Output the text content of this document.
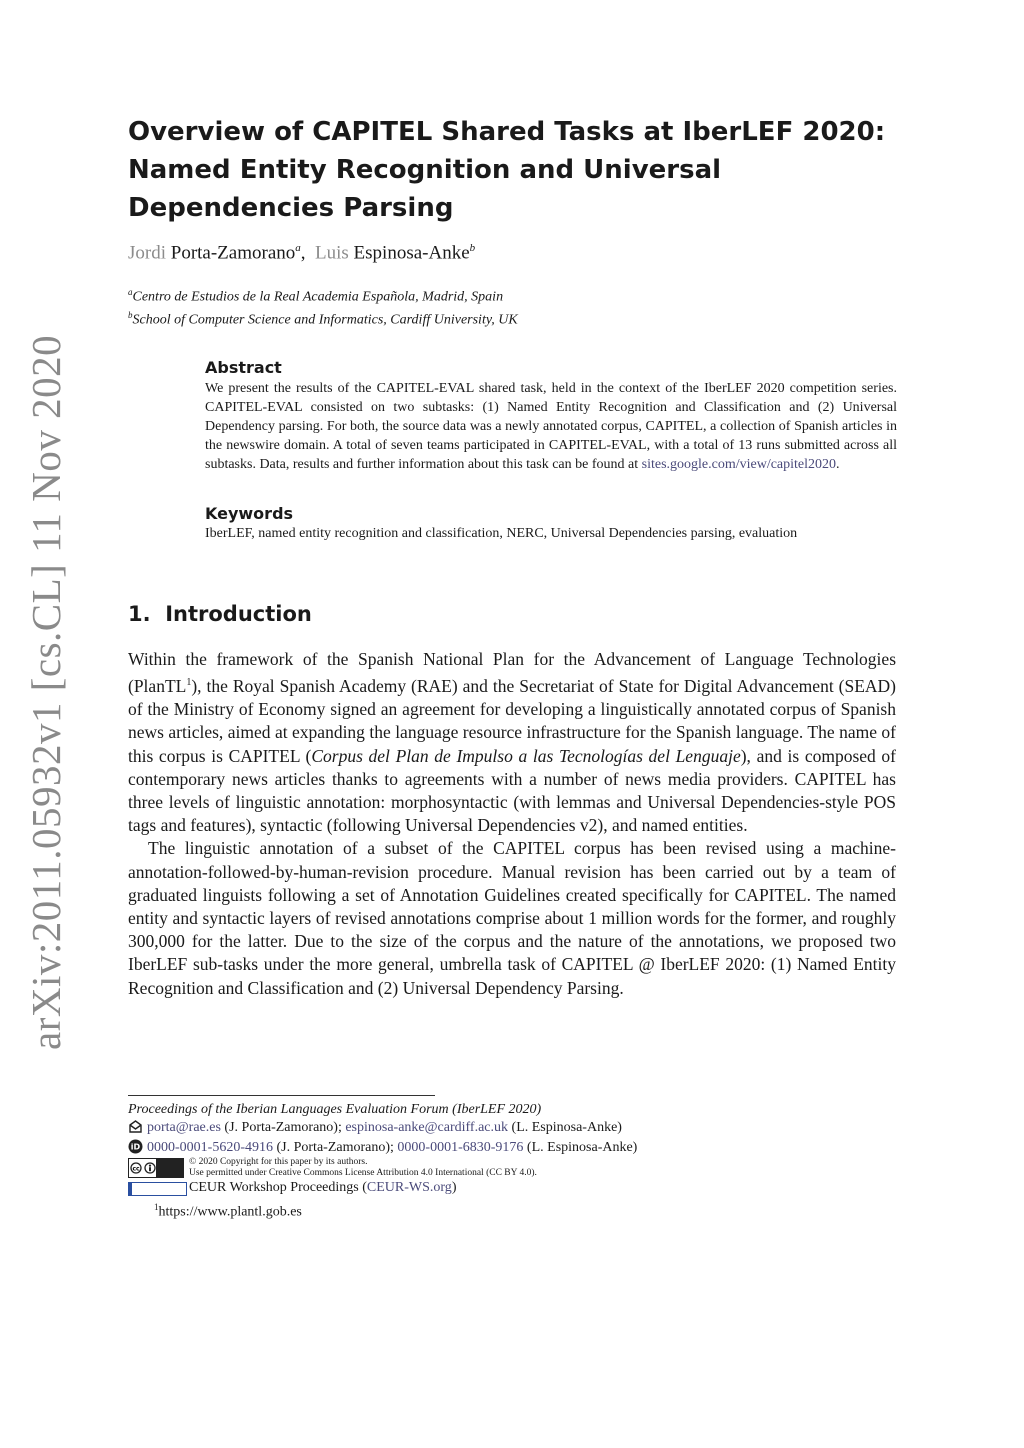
arXiv:2011.05932v1 [cs.CL] 11 Nov 2020
Overview of CAPITEL Shared Tasks at IberLEF 2020: Named Entity Recognition and Universal Dependencies Parsing
Jordi Porta-Zamorano$^a$,  Luis Espinosa-Anke$^b$
$^a$Centro de Estudios de la Real Academia Española, Madrid, Spain
$^b$School of Computer Science and Informatics, Cardiff University, UK
Abstract
We present the results of the CAPITEL-EVAL shared task, held in the context of the IberLEF 2020 competition series. CAPITEL-EVAL consisted on two subtasks: (1) Named Entity Recognition and Classification and (2) Universal Dependency parsing. For both, the source data was a newly annotated corpus, CAPITEL, a collection of Spanish articles in the newswire domain. A total of seven teams participated in CAPITEL-EVAL, with a total of 13 runs submitted across all subtasks. Data, results and further information about this task can be found at sites.google.com/view/capitel2020.
Keywords
IberLEF, named entity recognition and classification, NERC, Universal Dependencies parsing, evaluation
1. Introduction

Within the framework of the Spanish National Plan for the Advancement of Language Technologies (PlanTL$^1$), the Royal Spanish Academy (RAE) and the Secretariat of State for Digital Advancement (SEAD) of the Ministry of Economy signed an agreement for developing a linguistically annotated corpus of Spanish news articles, aimed at expanding the language resource infrastructure for the Spanish language. The name of this corpus is CAPITEL (Corpus del Plan de Impulso a las Tecnologías del Lenguaje), and is composed of contemporary news articles thanks to agreements with a number of news media providers. CAPITEL has three levels of linguistic annotation: morphosyntactic (with lemmas and Universal Dependencies-style POS tags and features), syntactic (following Universal Dependencies v2), and named entities.

The linguistic annotation of a subset of the CAPITEL corpus has been revised using a machine-annotation-followed-by-human-revision procedure. Manual revision has been carried out by a team of graduated linguists following a set of Annotation Guidelines created specifically for CAPITEL. The named entity and syntactic layers of revised annotations comprise about 1 million words for the former, and roughly 300,000 for the latter. Due to the size of the corpus and the nature of the annotations, we proposed two IberLEF sub-tasks under the more general, umbrella task of CAPITEL @ IberLEF 2020: (1) Named Entity Recognition and Classification and (2) Universal Dependency Parsing.

Proceedings of the Iberian Languages Evaluation Forum (IberLEF 2020)
porta@rae.es (J. Porta-Zamorano); espinosa-anke@cardiff.ac.uk (L. Espinosa-Anke)
iD 0000-0001-5620-4916 (J. Porta-Zamorano); 0000-0001-6830-9176 (L. Espinosa-Anke)
cc
© 2020 Copyright for this paper by its authors.
Use permitted under Creative Commons License Attribution 4.0 International (CC BY 4.0).
CEUR Workshop Proceedings (CEUR-WS.org)
$^1$https://www.plantl.gob.es
